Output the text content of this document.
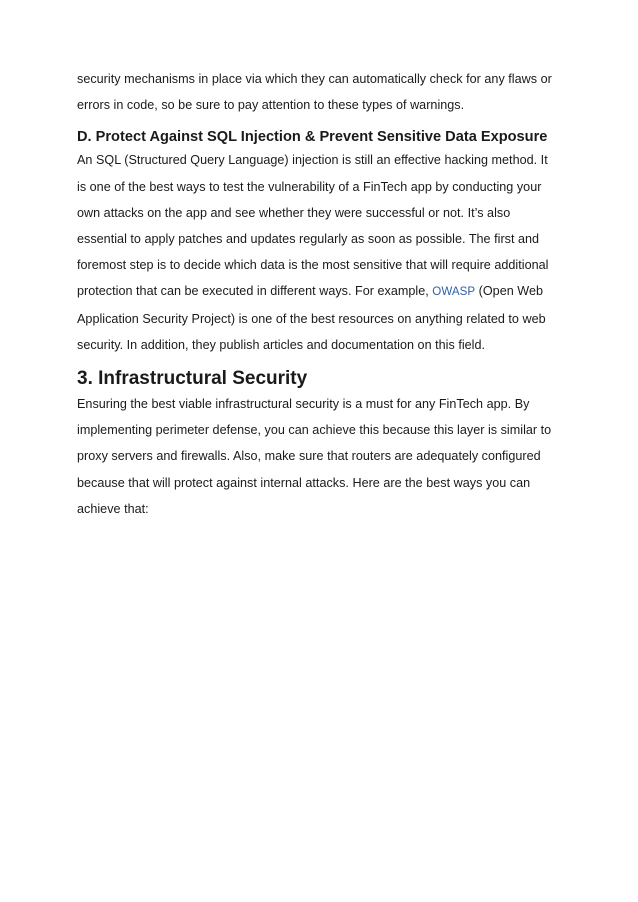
security mechanisms in place via which they can automatically check for any flaws or
errors in code, so be sure to pay attention to these types of warnings.
D. Protect Against SQL Injection & Prevent Sensitive Data Exposure
An SQL (Structured Query Language) injection is still an effective hacking method. It
is one of the best ways to test the vulnerability of a FinTech app by conducting your
own attacks on the app and see whether they were successful or not. It’s also
essential to apply patches and updates regularly as soon as possible. The first and
foremost step is to decide which data is the most sensitive that will require additional
protection that can be executed in different ways. For example, OWASP (Open Web
Application Security Project) is one of the best resources on anything related to web
security. In addition, they publish articles and documentation on this field.
3. Infrastructural Security
Ensuring the best viable infrastructural security is a must for any FinTech app. By
implementing perimeter defense, you can achieve this because this layer is similar to
proxy servers and firewalls. Also, make sure that routers are adequately configured
because that will protect against internal attacks. Here are the best ways you can
achieve that:
